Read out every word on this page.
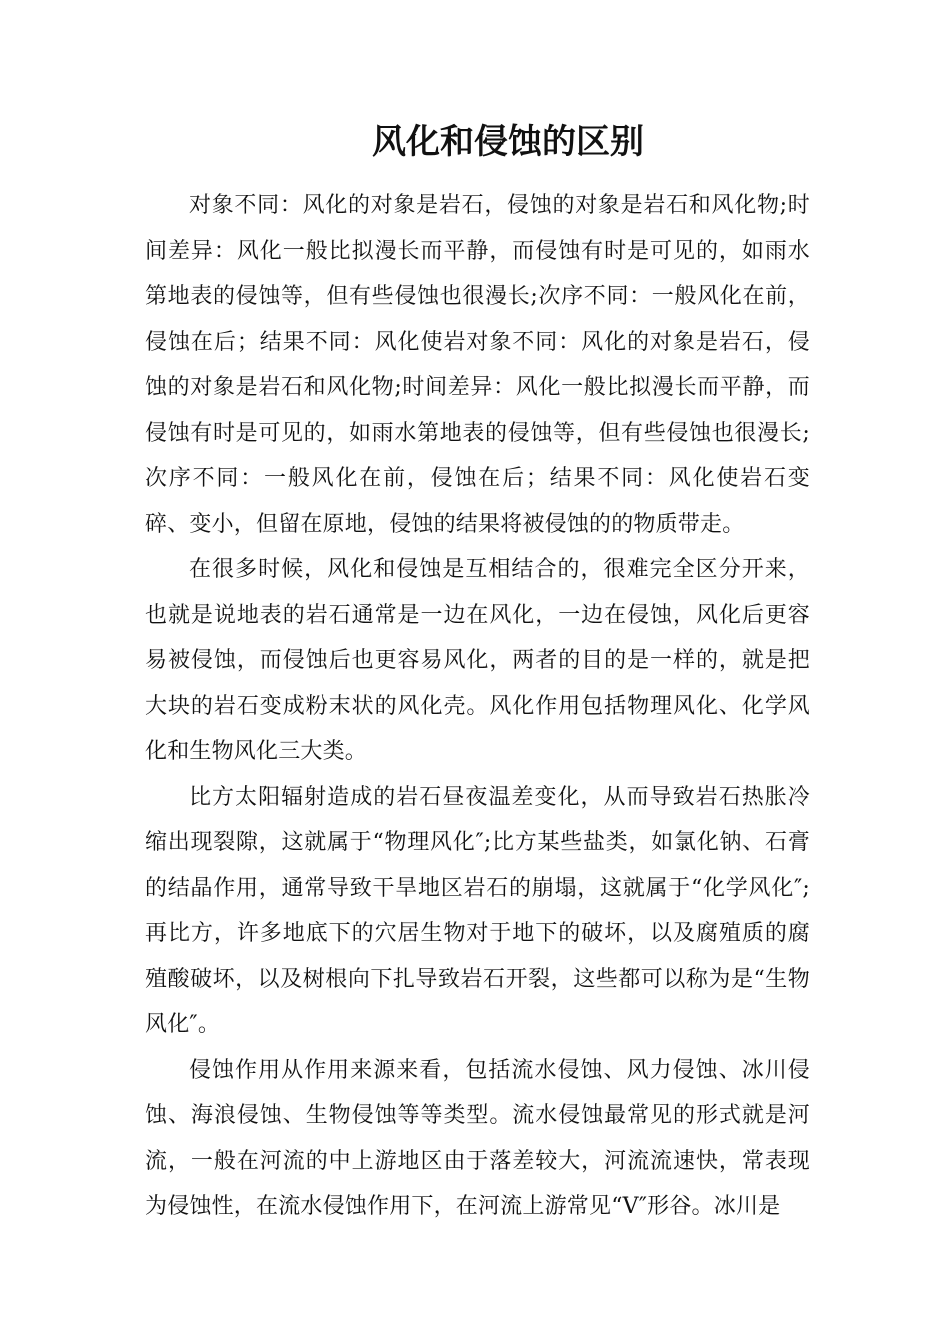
风化和侵蚀的区别

对象不同：风化的对象是岩石，侵蚀的对象是岩石和风化物;时间差异：风化一般比拟漫长而平静，而侵蚀有时是可见的，如雨水第地表的侵蚀等，但有些侵蚀也很漫长;次序不同：一般风化在前，侵蚀在后；结果不同：风化使岩对象不同：风化的对象是岩石，侵蚀的对象是岩石和风化物;时间差异：风化一般比拟漫长而平静，而侵蚀有时是可见的，如雨水第地表的侵蚀等，但有些侵蚀也很漫长;次序不同：一般风化在前，侵蚀在后；结果不同：风化使岩石变碎、变小，但留在原地，侵蚀的结果将被侵蚀的的物质带走。

在很多时候，风化和侵蚀是互相结合的，很难完全区分开来，也就是说地表的岩石通常是一边在风化，一边在侵蚀，风化后更容易被侵蚀，而侵蚀后也更容易风化，两者的目的是一样的，就是把大块的岩石变成粉末状的风化壳。风化作用包括物理风化、化学风化和生物风化三大类。

比方太阳辐射造成的岩石昼夜温差变化，从而导致岩石热胀冷缩出现裂隙，这就属于“物理风化″;比方某些盐类，如氯化钠、石膏的结晶作用，通常导致干旱地区岩石的崩塌，这就属于“化学风化″;再比方，许多地底下的穴居生物对于地下的破坏，以及腐殖质的腐殖酸破坏，以及树根向下扎导致岩石开裂，这些都可以称为是“生物风化″。

侵蚀作用从作用来源来看，包括流水侵蚀、风力侵蚀、冰川侵蚀、海浪侵蚀、生物侵蚀等等类型。流水侵蚀最常见的形式就是河流，一般在河流的中上游地区由于落差较大，河流流速快，常表现为侵蚀性，在流水侵蚀作用下，在河流上游常见“V″形谷。冰川是
